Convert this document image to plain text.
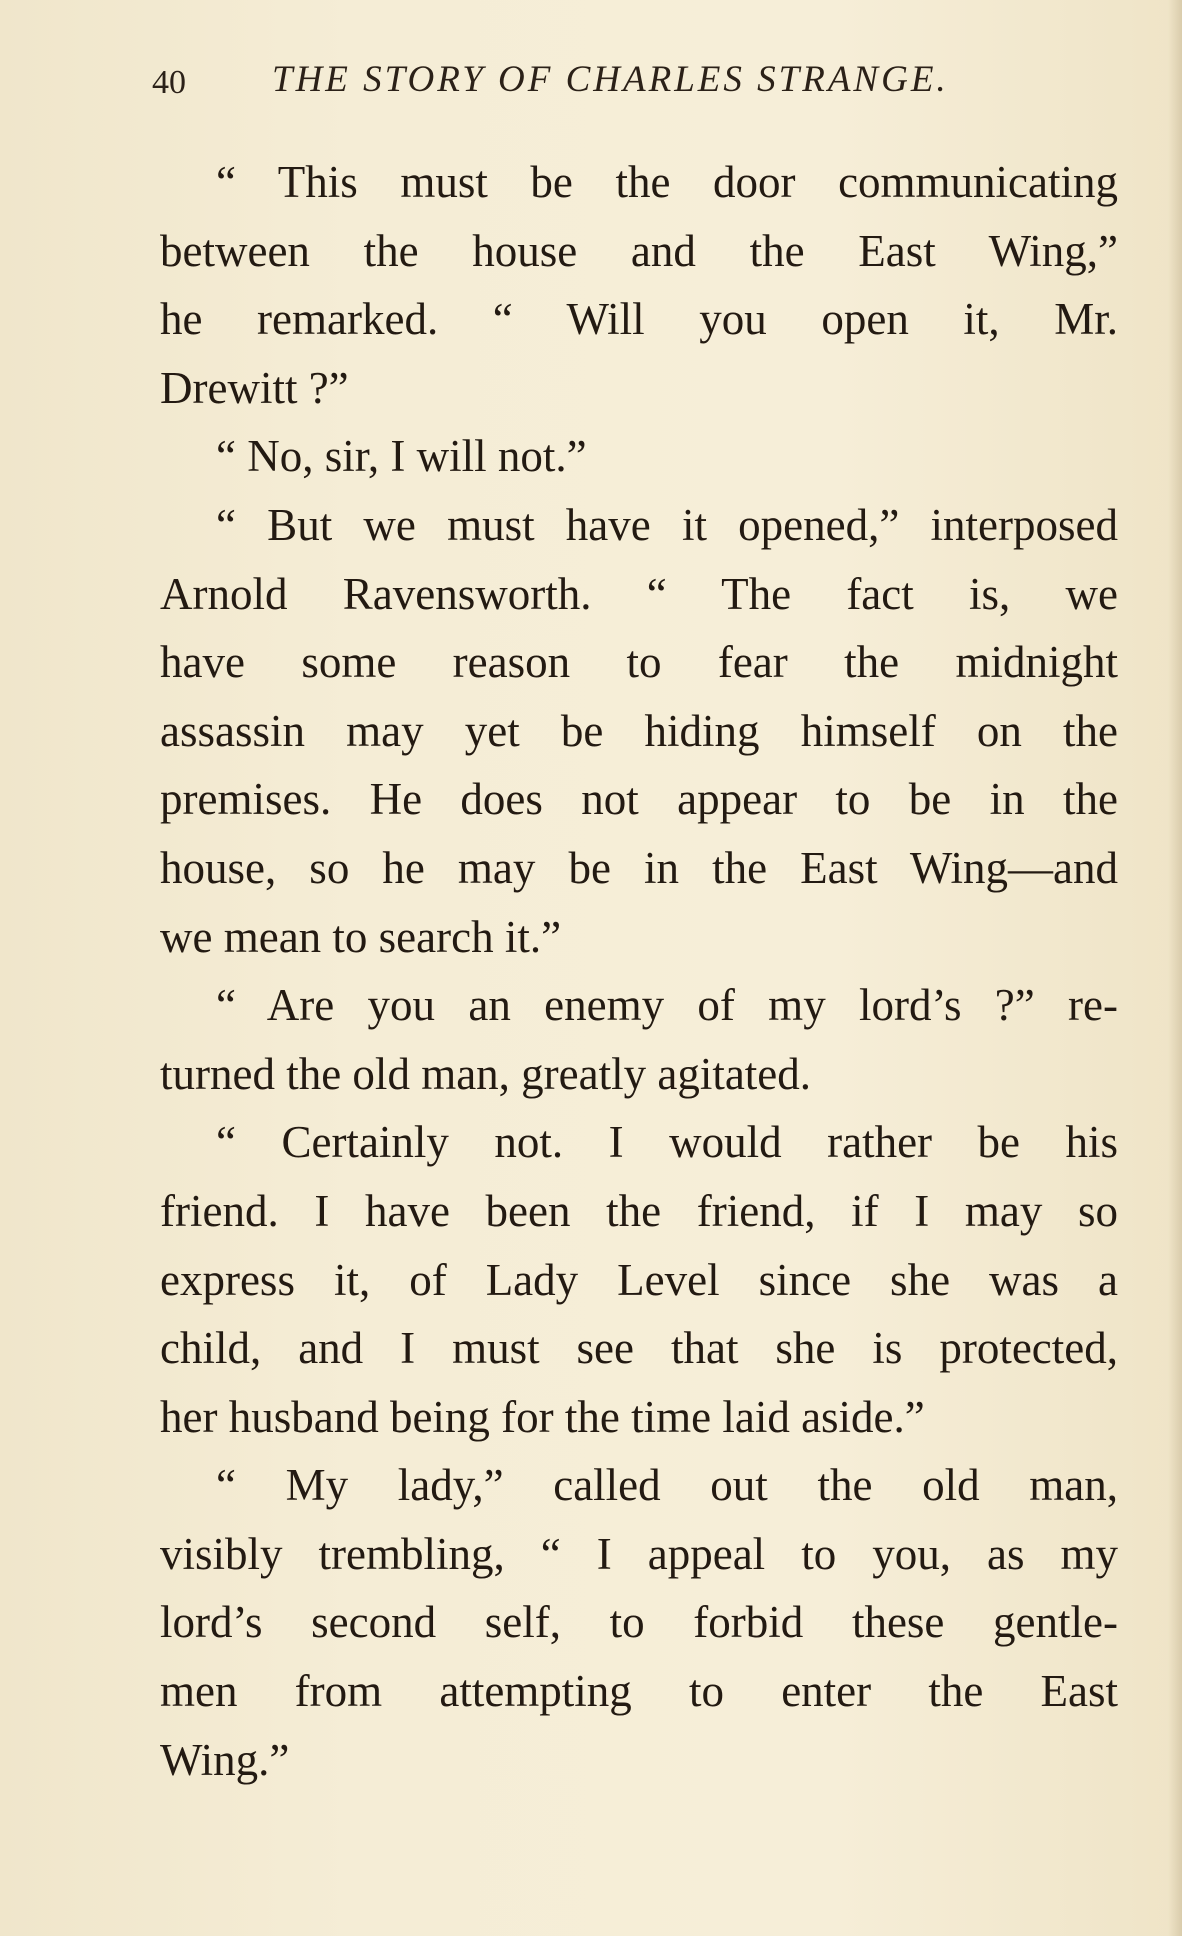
40 THE STORY OF CHARLES STRANGE.
“ This must be the door communicating
between the house and the East Wing,”
he remarked. “ Will you open it, Mr.
Drewitt ?”
“ No, sir, I will not.”
“ But we must have it opened,” interposed
Arnold Ravensworth. “ The fact is, we
have some reason to fear the midnight
assassin may yet be hiding himself on the
premises. He does not appear to be in the
house, so he may be in the East Wing—and
we mean to search it.”
“ Are you an enemy of my lord’s ?” re-
turned the old man, greatly agitated.
“ Certainly not. I would rather be his
friend. I have been the friend, if I may so
express it, of Lady Level since she was a
child, and I must see that she is protected,
her husband being for the time laid aside.”
“ My lady,” called out the old man,
visibly trembling, “ I appeal to you, as my
lord’s second self, to forbid these gentle-
men from attempting to enter the East
Wing.”
